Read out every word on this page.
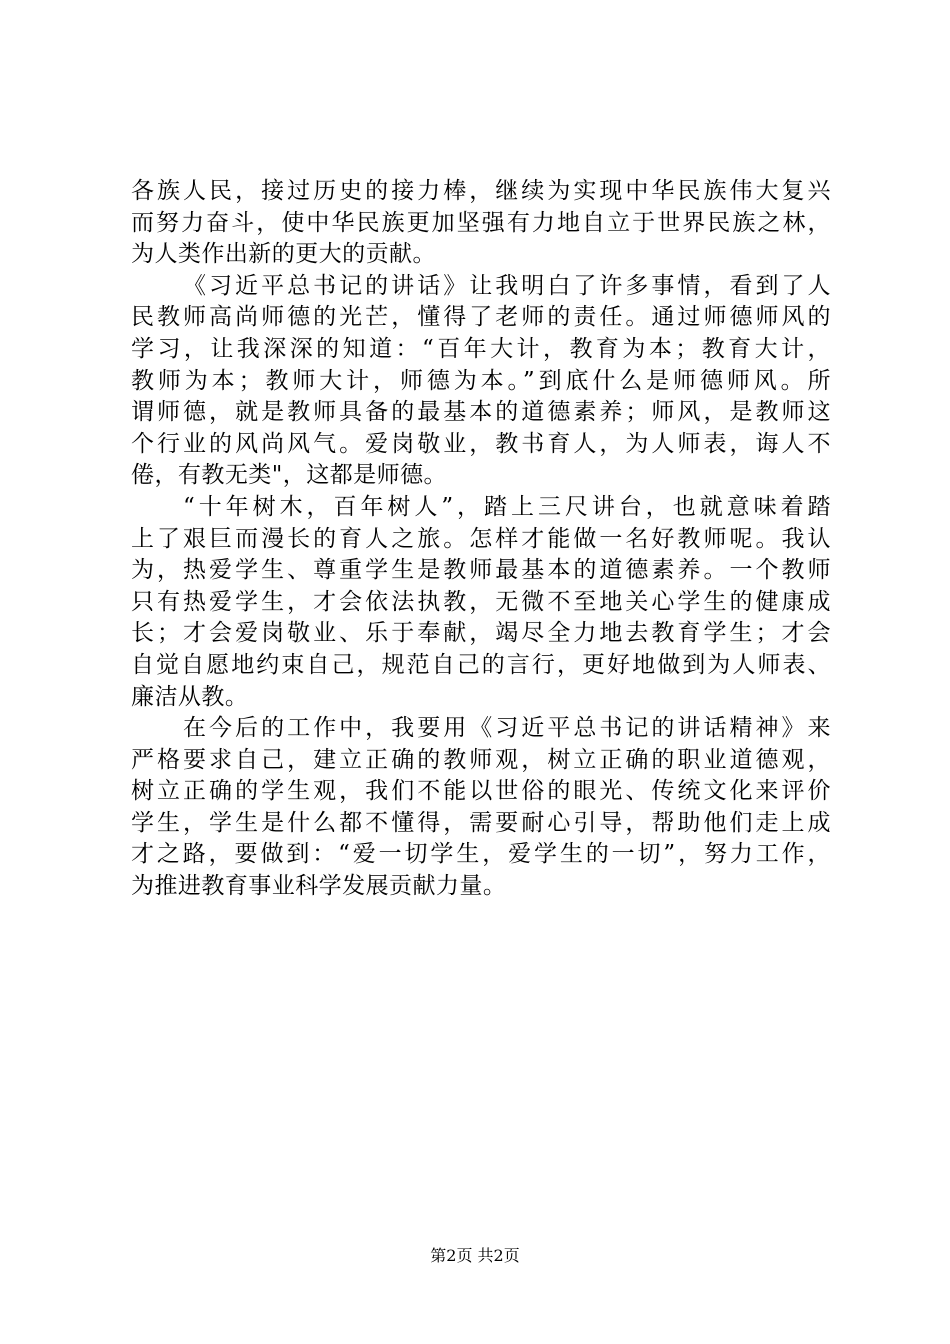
各族人民，接过历史的接力棒，继续为实现中华民族伟大复兴
而努力奋斗，使中华民族更加坚强有力地自立于世界民族之林，
为人类作出新的更大的贡献。
《习近平总书记的讲话》让我明白了许多事情，看到了人
民教师高尚师德的光芒，懂得了老师的责任。通过师德师风的
学习，让我深深的知道：“百年大计，教育为本；教育大计，
教师为本；教师大计，师德为本。”到底什么是师德师风。所
谓师德，就是教师具备的最基本的道德素养；师风，是教师这
个行业的风尚风气。爱岗敬业，教书育人，为人师表，诲人不
倦，有教无类"，这都是师德。
“十年树木，百年树人”，踏上三尺讲台，也就意味着踏
上了艰巨而漫长的育人之旅。怎样才能做一名好教师呢。我认
为，热爱学生、尊重学生是教师最基本的道德素养。一个教师
只有热爱学生，才会依法执教，无微不至地关心学生的健康成
长；才会爱岗敬业、乐于奉献，竭尽全力地去教育学生；才会
自觉自愿地约束自己，规范自己的言行，更好地做到为人师表、
廉洁从教。
在今后的工作中，我要用《习近平总书记的讲话精神》来
严格要求自己，建立正确的教师观，树立正确的职业道德观，
树立正确的学生观，我们不能以世俗的眼光、传统文化来评价
学生，学生是什么都不懂得，需要耐心引导，帮助他们走上成
才之路，要做到：“爱一切学生，爱学生的一切”，努力工作，
为推进教育事业科学发展贡献力量。
第2页 共2页
